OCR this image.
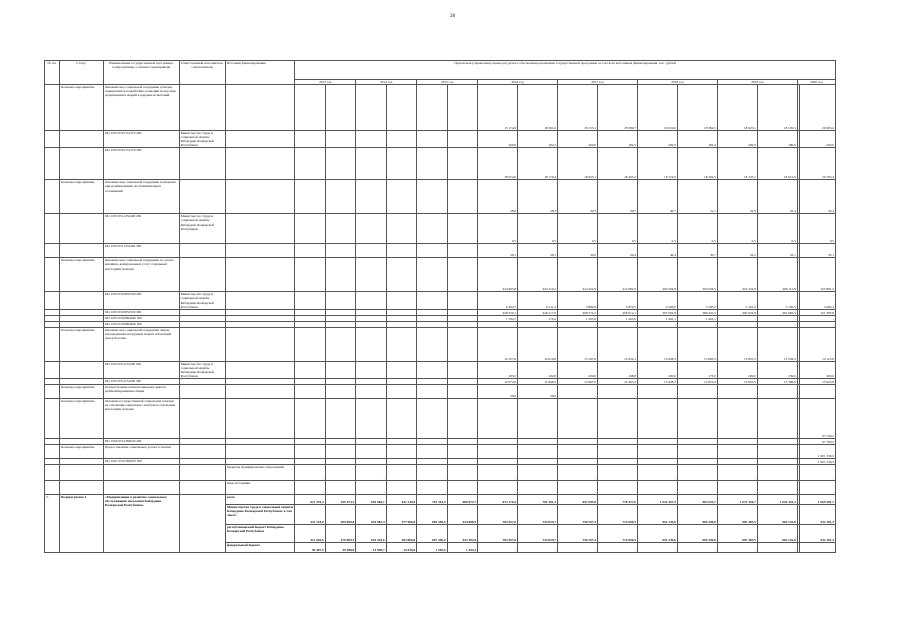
28
№ п/п	Статус	Наименование государственной программы, подпрограммы, основного мероприятия	Ответственный исполнитель, соисполнитель	Источник финансирования	Прогнозная (справочная) оценка ресурсного обеспечения реализации государственной программы за счет всех источников финансирования, тыс. рублей															
					2013 год		2014 год		2015 год		2016 год		2017 год		2018 год		2019 год		2020 год	
	Основное мероприятие	Оказание мер социальной поддержки граждан, подвергшихся воздействию радиации вследствие радиационных аварий и ядерных испытаний									15 174,6	18 361,6	19 153,1	18 589,7	19 019,0	18 384,5	18 925,1	18 195,5		20 965,4
		961 1003 0510151370 200	Министерство труда и социальной защиты Кабардино-Балкарской Республики								200,0	182,2	200,0	184,5	200,0	182,4	200,0	180,6		200,0
		961 1003 0510151370 300									18 974,6	18 179,4	18 953,1	18 405,2	18 719,0	18 202,5	18 725,1	18 015,0		20 765,4
	Основное мероприятие	Оказание мер социальной поддержки гражданам при возникновении поствакцинальных осложнений									28,6	28,3	30,3	29,7	40,7	31,1	32,5	32,4		33,4
		961 1003 0511252400 200	Министерство труда и социальной защиты Кабардино-Балкарской Республики								0,5	0,5	0,5	0,5	0,5	0,5	0,5	0,5		0,5
		961 1003 0511252400 300									28,1	28,1	30,0	29,4	40,4	30,7	32,2	32,1		33,1
	Основное мероприятие	Оказание мер социальной поддержки по оплате жилищно-коммунальных услуг отдельным категориям граждан									434 963,8	432 410,2	414 454,9	412 082,6	403 564,8	395 026,5	410 154,0	408 115,8		325 881,2
		961 1003 0510852500 200	Министерство труда и социальной защиты Кабардино-Балкарской Республики								6 494,7	6 211,2	5 880,6	5 870,5	4 566,0	5 595,2	5 161,2	5 150,5		4 493,4
		961 1003 0510852500 300									428 559,1	426 217,0	408 574,3	406 012,1	397 004,8	389 425,3	405 032,8	402 965,3		321 387,8
		961 1003 05108R4620 300									1 784,7	170,2	1 265,0	1 265,0	1 491,1	1 491,1	-	-		-
		961 1003 05108R4620 300									-	-	-	-	-	-	-	-		-
	Основное мероприятие	Оказание мер социальной поддержки лицам, награжденным нагрудным знаком «Почетный донор России»									12 257,6	12 010,6	13 167,0	12 632,1	13 628,3	13 083,5	13 855,5	13 529,5		14 123,8
		961 1003 0511152200 200	Министерство труда и социальной защиты Кабардино-Балкарской Республики								185,0	162,0	200,0	168,8	200,0	173,0	200,0	159,6		200,0
		961 1003 0511152200 300									12 072,6	11 848,5	12 967,0	12 463,3	13 428,3	12 910,4	13 655,5	13 369,9		13 923,8
	Основное мероприятие	Осуществление компенсационных выплат реабилитированным лицам									39,0	39,0	-	-	-	-	-	-		-
	Основное мероприятие	Оказание государственной социальной помощи на основании социального контракта отдельным категориям граждан																		97 700,2
		961 1006 0512284040 200																		97 700,2
	Основное мероприятие	Предоставление социальных доплат к пенсии																		1 901 330,3
		961 1001 05107R0670 300																		1 901 330,3
				бюджеты муниципальных образований	-		-		-		-		-		-		-			-
				иные источники	-		-		-		-		-		-		-			-
2.	Подпрограмма 2	«Модернизация и развитие социального обслуживания населения Кабардино-Балкарской Республики»		всего	611 376,3	559 473,2	693 066,1	631 249,0	781 354,9	680 672,7	872 176,2	781 381,2	857 693,8	778 427,6	1 032 457,9	963 022,7	1 072 326,7	1 044 433,2		1 009 381,7
				Министерство труда и социальной защиты Кабардино-Балкарской Республики, в том числе:	551 118,0	509 690,8	624 982,3	577 966,8	699 385,6	634 888,9	782 957,6	725 829,7	758 767,4	715 090,5	951 239,6	905 200,8	987 483,5	963 142,8		932 101,3
				республиканский бюджет Кабардино-Балкарской Республики	511 630,5	470 009,3	610 542,6	563 806,8	697 390,0	632 494,6	782 957,6	725 829,7	758 767,4	715 090,5	951 239,6	905 200,8	987 483,5	963 142,8		932 101,3
				федеральный бюджет	39 487,5	39 488,8	13 999,7	13 959,6	1 595,6	1 394,3	-	-	-	-	-	-	-	-		-
